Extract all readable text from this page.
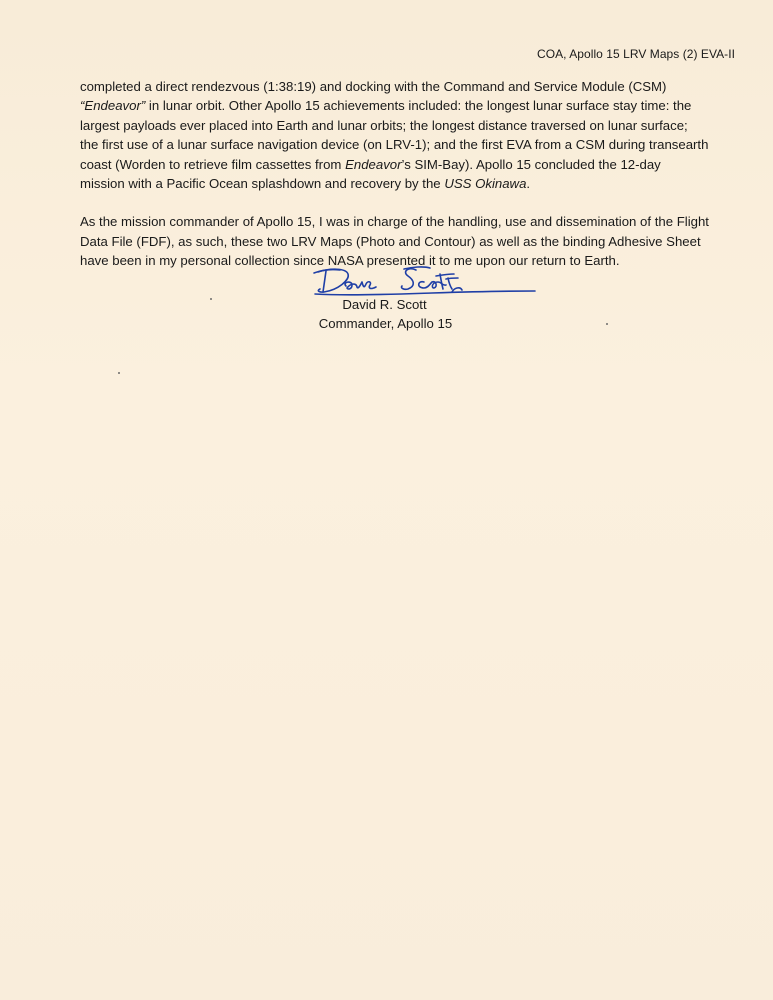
COA, Apollo 15 LRV Maps (2) EVA-II

completed a direct rendezvous (1:38:19) and docking with the Command and Service Module (CSM)
“Endeavor” in lunar orbit. Other Apollo 15 achievements included: the longest lunar surface stay time: the
largest payloads ever placed into Earth and lunar orbits; the longest distance traversed on lunar surface;
the first use of a lunar surface navigation device (on LRV-1); and the first EVA from a CSM during transearth
coast (Worden to retrieve film cassettes from Endeavor’s SIM-Bay). Apollo 15 concluded the 12-day
mission with a Pacific Ocean splashdown and recovery by the USS Okinawa.

As the mission commander of Apollo 15, I was in charge of the handling, use and dissemination of the Flight
Data File (FDF), as such, these two LRV Maps (Photo and Contour) as well as the binding Adhesive Sheet
have been in my personal collection since NASA presented it to me upon our return to Earth.

David R. Scott
Commander, Apollo 15
